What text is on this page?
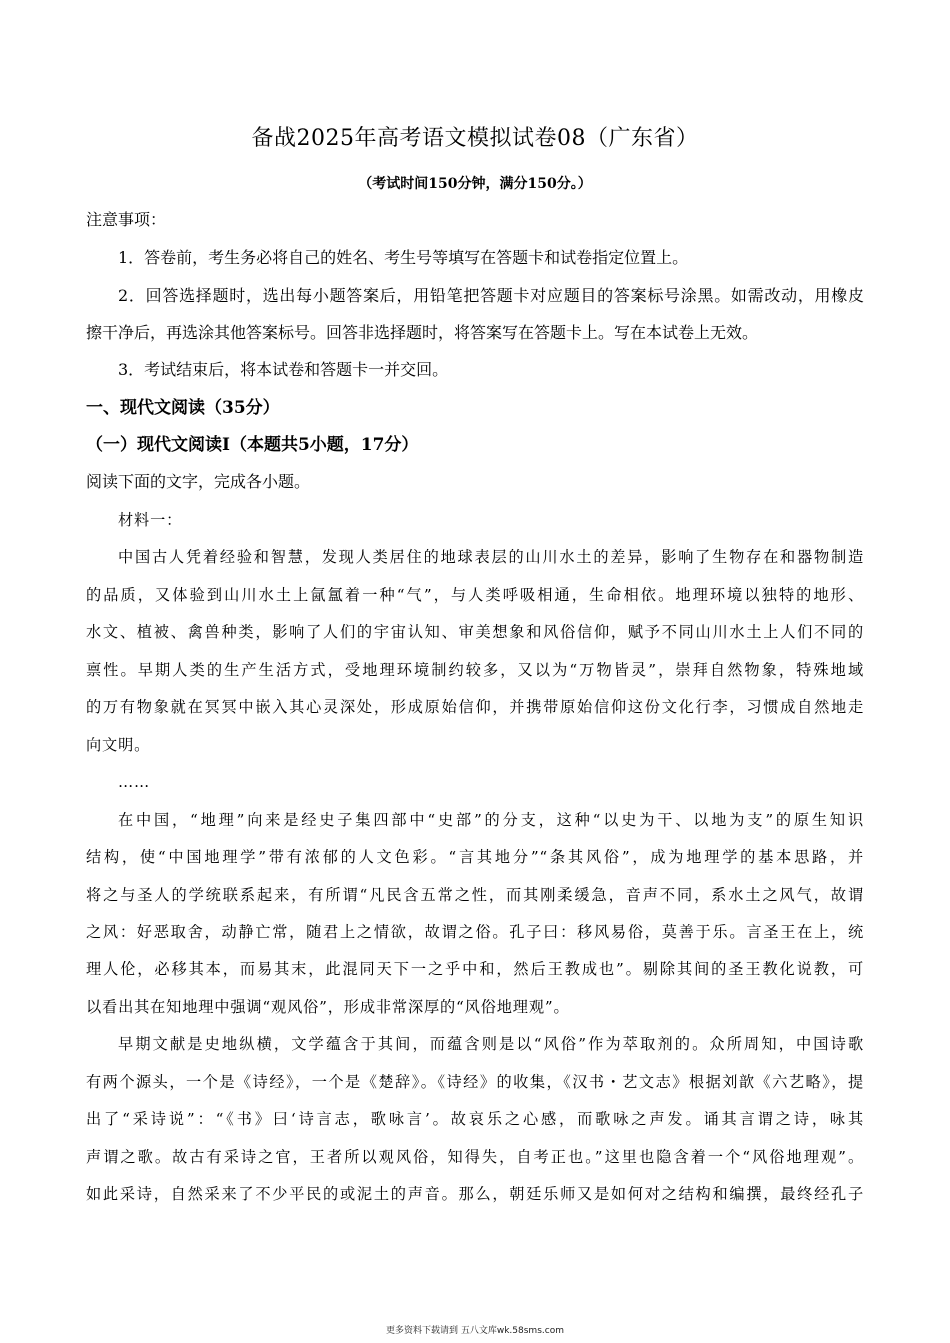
备战2025年高考语文模拟试卷08（广东省）
（考试时间150分钟，满分150分。）
注意事项：
1．答卷前，考生务必将自己的姓名、考生号等填写在答题卡和试卷指定位置上。
2．回答选择题时，选出每小题答案后，用铅笔把答题卡对应题目的答案标号涂黑。如需改动，用橡皮
擦干净后，再选涂其他答案标号。回答非选择题时，将答案写在答题卡上。写在本试卷上无效。
3．考试结束后，将本试卷和答题卡一并交回。
一、现代文阅读（35分）
（一）现代文阅读Ⅰ（本题共5小题，17分）
阅读下面的文字，完成各小题。
材料一：
中国古人凭着经验和智慧，发现人类居住的地球表层的山川水土的差异，影响了生物存在和器物制造
的品质，又体验到山川水土上氤氲着一种“气”，与人类呼吸相通，生命相依。地理环境以独特的地形、
水文、植被、禽兽种类，影响了人们的宇宙认知、审美想象和风俗信仰，赋予不同山川水土上人们不同的
禀性。早期人类的生产生活方式，受地理环境制约较多，又以为“万物皆灵”，崇拜自然物象，特殊地域
的万有物象就在冥冥中嵌入其心灵深处，形成原始信仰，并携带原始信仰这份文化行李，习惯成自然地走
向文明。
……
在中国，“地理”向来是经史子集四部中“史部”的分支，这种“以史为干、以地为支”的原生知识
结构，使“中国地理学”带有浓郁的人文色彩。“言其地分”“条其风俗”，成为地理学的基本思路，并
将之与圣人的学统联系起来，有所谓“凡民含五常之性，而其刚柔缓急，音声不同，系水土之风气，故谓
之风：好恶取舍，动静亡常，随君上之情欲，故谓之俗。孔子曰：移风易俗，莫善于乐。言圣王在上，统
理人伦，必移其本，而易其末，此混同天下一之乎中和，然后王教成也”。剔除其间的圣王教化说教，可
以看出其在知地理中强调“观风俗”，形成非常深厚的“风俗地理观”。
早期文献是史地纵横，文学蕴含于其间，而蕴含则是以“风俗”作为萃取剂的。众所周知，中国诗歌
有两个源头，一个是《诗经》，一个是《楚辞》。《诗经》的收集，《汉书・艺文志》根据刘歆《六艺略》，提
出了“采诗说”：“《书》曰‘诗言志，歌咏言’。故哀乐之心感，而歌咏之声发。诵其言谓之诗，咏其
声谓之歌。故古有采诗之官，王者所以观风俗，知得失，自考正也。”这里也隐含着一个“风俗地理观”。
如此采诗，自然采来了不少平民的或泥土的声音。那么，朝廷乐师又是如何对之结构和编撰，最终经孔子
更多资料下载请到 五八文库wk.58sms.com
